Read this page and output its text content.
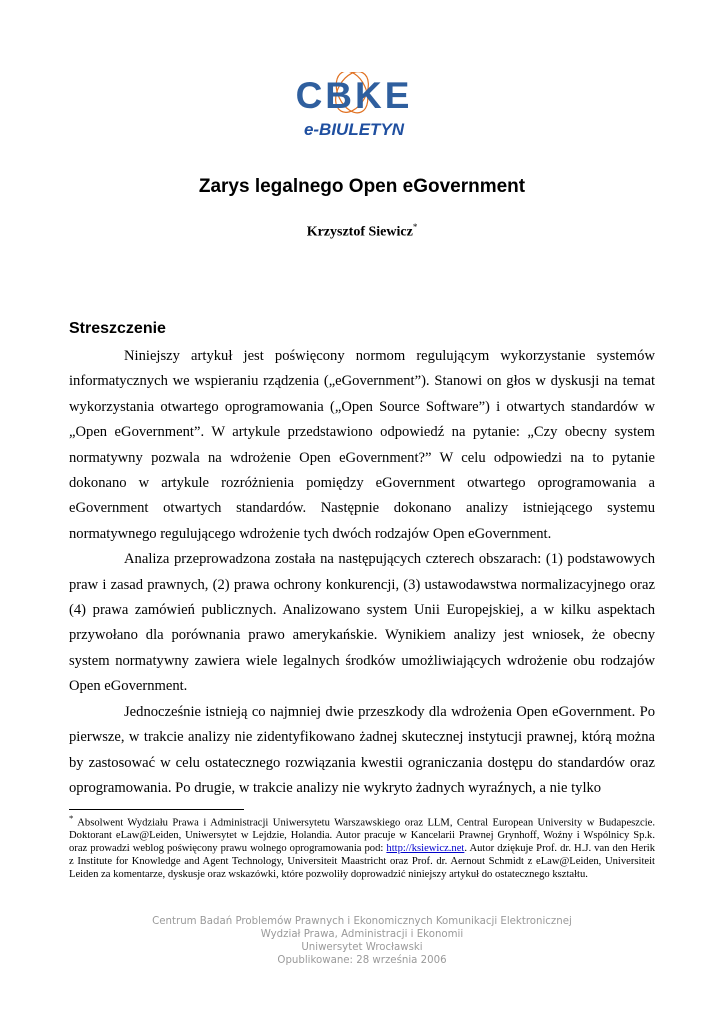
CBKE
e-BIULETYN
Zarys legalnego Open eGovernment
Krzysztof Siewicz*
Streszczenie

Niniejszy artykuł jest poświęcony normom regulującym wykorzystanie systemów informatycznych we wspieraniu rządzenia („eGovernment”). Stanowi on głos w dyskusji na temat wykorzystania otwartego oprogramowania („Open Source Software”) i otwartych standardów w „Open eGovernment”. W artykule przedstawiono odpowiedź na pytanie: „Czy obecny system normatywny pozwala na wdrożenie Open eGovernment?” W celu odpowiedzi na to pytanie dokonano w artykule rozróżnienia pomiędzy eGovernment otwartego oprogramowania a eGovernment otwartych standardów. Następnie dokonano analizy istniejącego systemu normatywnego regulującego wdrożenie tych dwóch rodzajów Open eGovernment.

Analiza przeprowadzona została na następujących czterech obszarach: (1) podstawowych praw i zasad prawnych, (2) prawa ochrony konkurencji, (3) ustawodawstwa normalizacyjnego oraz (4) prawa zamówień publicznych. Analizowano system Unii Europejskiej, a w kilku aspektach przywołano dla porównania prawo amerykańskie. Wynikiem analizy jest wniosek, że obecny system normatywny zawiera wiele legalnych środków umożliwiających wdrożenie obu rodzajów Open eGovernment.

Jednocześnie istnieją co najmniej dwie przeszkody dla wdrożenia Open eGovernment. Po pierwsze, w trakcie analizy nie zidentyfikowano żadnej skutecznej instytucji prawnej, którą można by zastosować w celu ostatecznego rozwiązania kwestii ograniczania dostępu do standardów oraz oprogramowania. Po drugie, w trakcie analizy nie wykryto żadnych wyraźnych, a nie tylko

* Absolwent Wydziału Prawa i Administracji Uniwersytetu Warszawskiego oraz LLM, Central European University w Budapeszcie. Doktorant eLaw@Leiden, Uniwersytet w Lejdzie, Holandia. Autor pracuje w Kancelarii Prawnej Grynhoff, Woźny i Wspólnicy Sp.k. oraz prowadzi weblog poświęcony prawu wolnego oprogramowania pod: http://ksiewicz.net. Autor dziękuje Prof. dr. H.J. van den Herik z Institute for Knowledge and Agent Technology, Universiteit Maastricht oraz Prof. dr. Aernout Schmidt z eLaw@Leiden, Universiteit Leiden za komentarze, dyskusje oraz wskazówki, które pozwoliły doprowadzić niniejszy artykuł do ostatecznego kształtu.
Centrum Badań Problemów Prawnych i Ekonomicznych Komunikacji Elektronicznej
Wydział Prawa, Administracji i Ekonomii
Uniwersytet Wrocławski
Opublikowane: 28 września 2006
